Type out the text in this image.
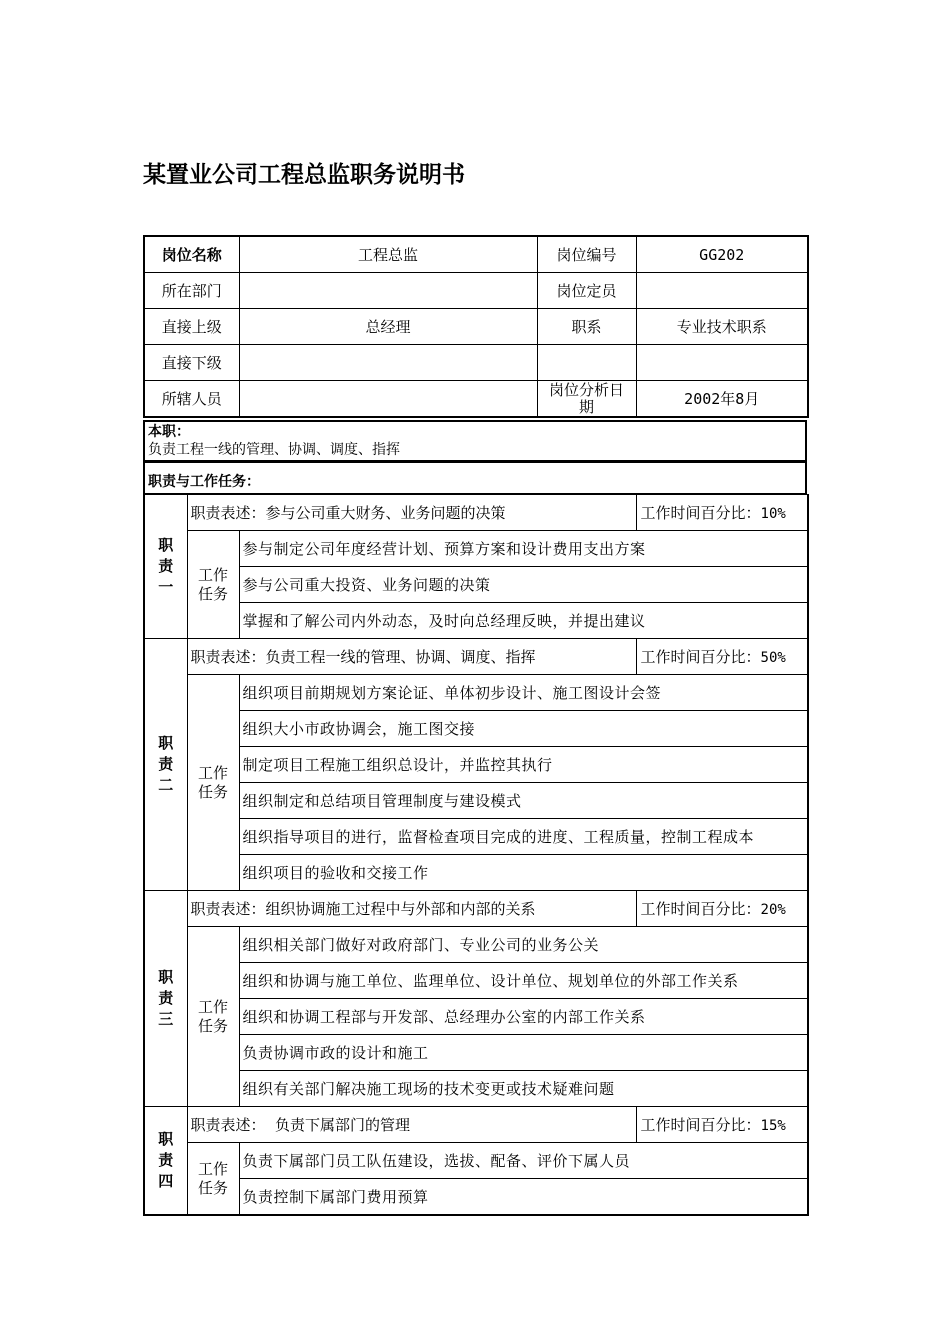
某置业公司工程总监职务说明书
岗位名称	工程总监	岗位编号	GG202
所在部门		岗位定员	
直接上级	总经理	职系	专业技术职系
直接下级			
所辖人员		岗位分析日期	2002年8月
本职：
负责工程一线的管理、协调、调度、指挥
职责与工作任务：
职责一	职责表述：参与公司重大财务、业务问题的决策		工作时间百分比：10%
	工作任务	参与制定公司年度经营计划、预算方案和设计费用支出方案	
		参与公司重大投资、业务问题的决策	
		掌握和了解公司内外动态，及时向总经理反映，并提出建议	
职责二	职责表述：负责工程一线的管理、协调、调度、指挥		工作时间百分比：50%
	工作任务	组织项目前期规划方案论证、单体初步设计、施工图设计会签	
		组织大小市政协调会，施工图交接	
		制定项目工程施工组织总设计，并监控其执行	
		组织制定和总结项目管理制度与建设模式	
		组织指导项目的进行，监督检查项目完成的进度、工程质量，控制工程成本	
		组织项目的验收和交接工作	
职责三	职责表述：组织协调施工过程中与外部和内部的关系		工作时间百分比：20%
	工作任务	组织相关部门做好对政府部门、专业公司的业务公关	
		组织和协调与施工单位、监理单位、设计单位、规划单位的外部工作关系	
		组织和协调工程部与开发部、总经理办公室的内部工作关系	
		负责协调市政的设计和施工	
		组织有关部门解决施工现场的技术变更或技术疑难问题	
职责四	职责表述：  负责下属部门的管理		工作时间百分比：15%
	工作任务	负责下属部门员工队伍建设，选拔、配备、评价下属人员	
		负责控制下属部门费用预算	
